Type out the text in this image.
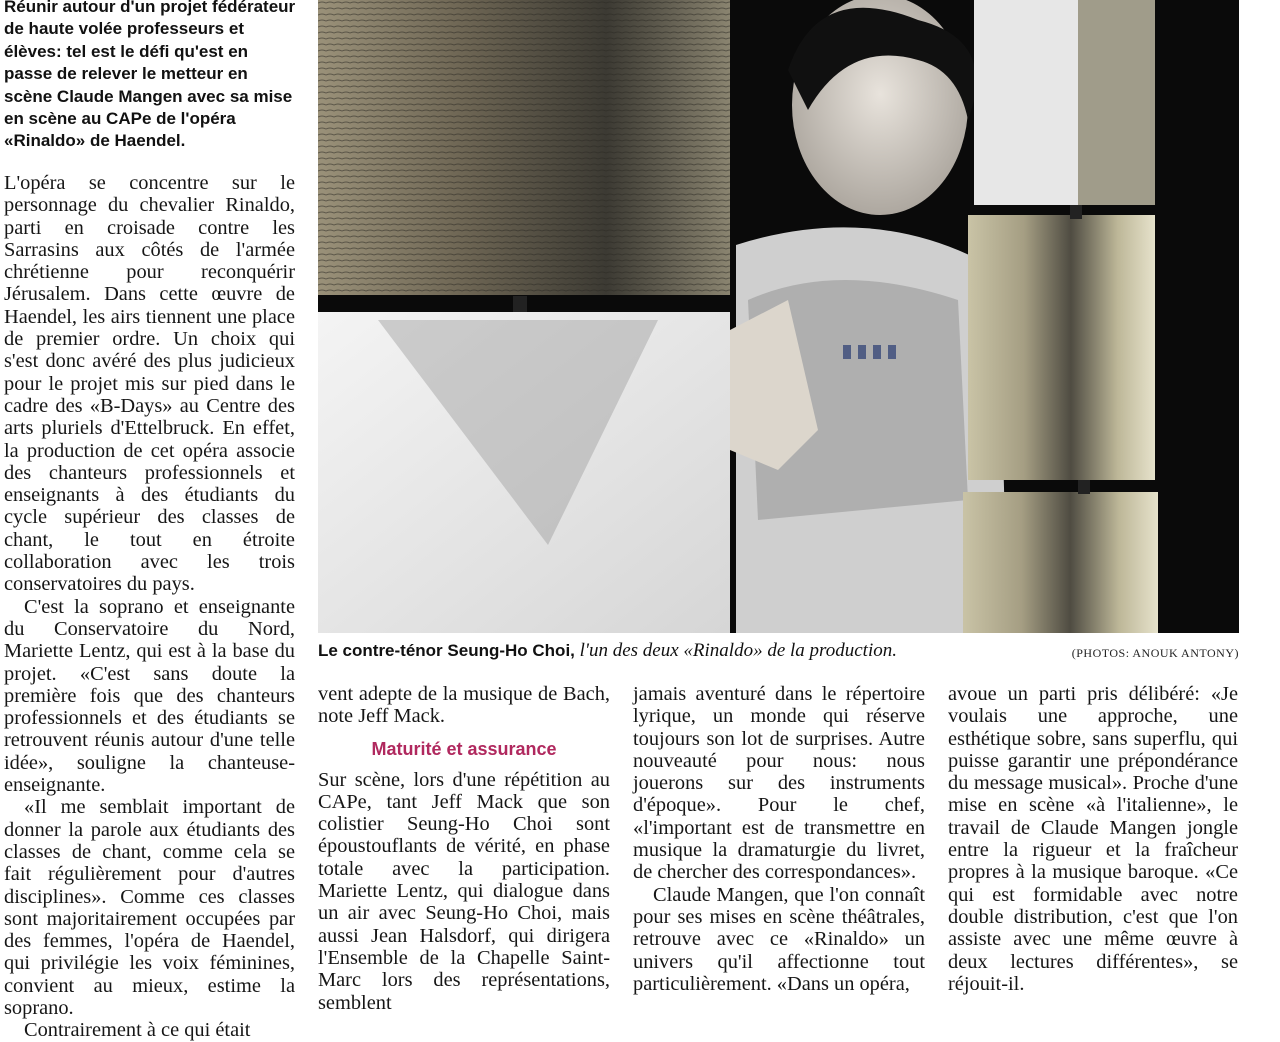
Réunir autour d'un projet fédérateur de haute volée professeurs et élèves: tel est le défi qu'est en passe de relever le metteur en scène Claude Mangen avec sa mise en scène au CAPe de l'opéra «Rinaldo» de Haendel.

L'opéra se concentre sur le personnage du chevalier Rinaldo, parti en croisade contre les Sarrasins aux côtés de l'armée chrétienne pour reconquérir Jérusalem. Dans cette œuvre de Haendel, les airs tiennent une place de premier ordre. Un choix qui s'est donc avéré des plus judicieux pour le projet mis sur pied dans le cadre des «B-Days» au Centre des arts pluriels d'Ettelbruck. En effet, la production de cet opéra associe des chanteurs professionnels et enseignants à des étudiants du cycle supérieur des classes de chant, le tout en étroite collaboration avec les trois conservatoires du pays.

C'est la soprano et enseignante du Conservatoire du Nord, Mariette Lentz, qui est à la base du projet. «C'est sans doute la première fois que des chanteurs professionnels et des étudiants se retrouvent réunis autour d'une telle idée», souligne la chanteuse-enseignante.

«Il me semblait important de donner la parole aux étudiants des classes de chant, comme cela se fait régulièrement pour d'autres disciplines». Comme ces classes sont majoritairement occupées par des femmes, l'opéra de Haendel, qui privilégie les voix féminines, convient au mieux, estime la soprano.

Contrairement à ce qui était

Le contre-ténor Seung-Ho Choi, l'un des deux «Rinaldo» de la production.	(PHOTOS: ANOUK ANTONY)

vent adepte de la musique de Bach, note Jeff Mack.

Maturité et assurance

Sur scène, lors d'une répétition au CAPe, tant Jeff Mack que son colistier Seung-Ho Choi sont époustouflants de vérité, en phase totale avec la participation. Mariette Lentz, qui dialogue dans un air avec Seung-Ho Choi, mais aussi Jean Halsdorf, qui dirigera l'Ensemble de la Chapelle Saint-Marc lors des représentations, semblent

jamais aventuré dans le répertoire lyrique, un monde qui réserve toujours son lot de surprises. Autre nouveauté pour nous: nous jouerons sur des instruments d'époque». Pour le chef, «l'important est de transmettre en musique la dramaturgie du livret, de chercher des correspondances».

Claude Mangen, que l'on connaît pour ses mises en scène théâtrales, retrouve avec ce «Rinaldo» un univers qu'il affectionne tout particulièrement. «Dans un opéra,

avoue un parti pris délibéré: «Je voulais une approche, une esthétique sobre, sans superflu, qui puisse garantir une prépondérance du message musical». Proche d'une mise en scène «à l'italienne», le travail de Claude Mangen jongle entre la rigueur et la fraîcheur propres à la musique baroque. «Ce qui est formidable avec notre double distribution, c'est que l'on assiste avec une même œuvre à deux lectures différentes», se réjouit-il.
